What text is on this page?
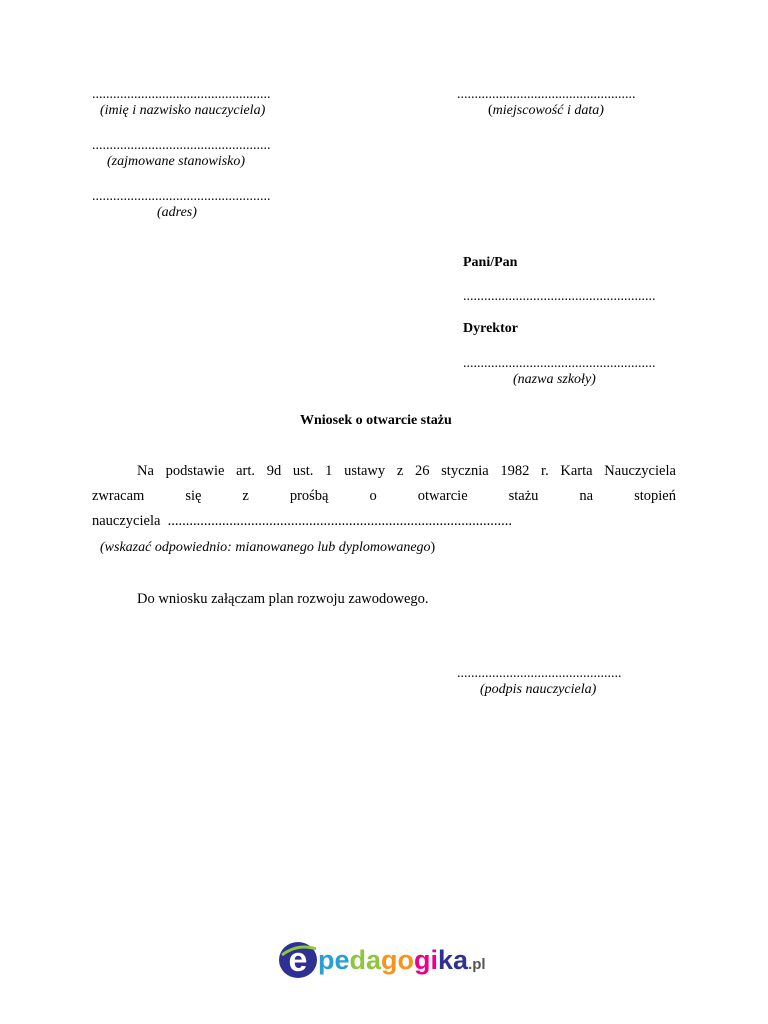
...................................................
(imię i nazwisko nauczyciela)
...................................................
(zajmowane stanowisko)
...................................................
(adres)
...................................................
(miejscowość i data)
Pani/Pan
.......................................................
Dyrektor
.......................................................
(nazwa szkoły)
Wniosek o otwarcie stażu
Na podstawie art. 9d ust. 1 ustawy z 26 stycznia 1982 r. Karta Nauczyciela
zwracam	się	z	prośbą	o	otwarcie	stażu	na	stopień
nauczyciela ...............................................................................................
(wskazać odpowiednio: mianowanego lub dyplomowanego)
Do wniosku załączam plan rozwoju zawodowego.
...............................................
(podpis nauczyciela)
e pedagogika.pl
